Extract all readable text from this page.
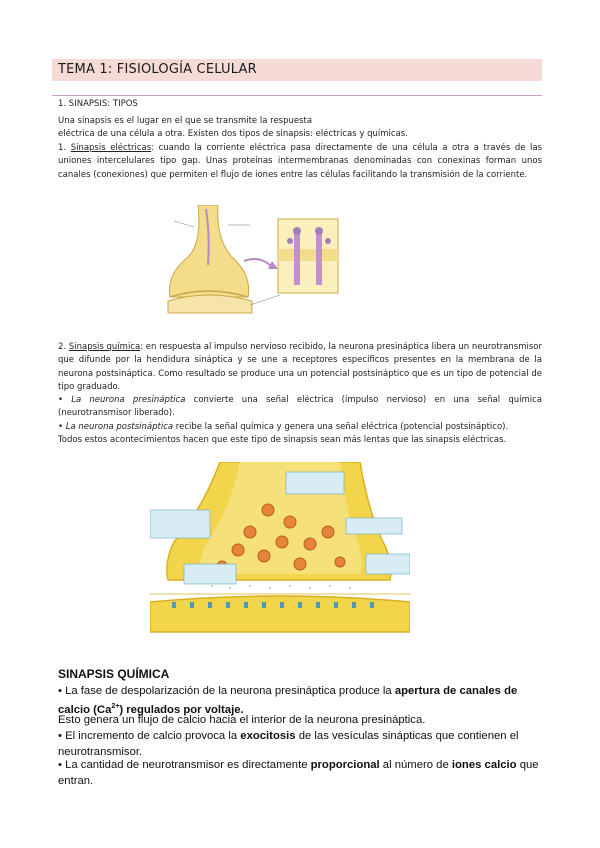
TEMA 1: FISIOLOGÍA CELULAR
1. SINAPSIS: TIPOS

Una sinapsis es el lugar en el que se transmite la respuesta
eléctrica de una célula a otra. Existen dos tipos de sinapsis: eléctricas y químicas.

1. Sinapsis eléctricas: cuando la corriente eléctrica pasa directamente de una célula a otra a través de las uniones intercelulares tipo gap. Unas proteínas intermembranas denominadas con conexinas forman unos canales (conexiones) que permiten el flujo de iones entre las células facilitando la transmisión de la corriente.

2. Sinapsis química: en respuesta al impulso nervioso recibido, la neurona presináptica libera un neurotransmisor que difunde por la hendidura sináptica y se une a receptores específicos presentes en la membrana de la neurona postsináptica. Como resultado se produce una un potencial postsináptico que es un tipo de potencial de tipo graduado.
• La neurona presináptica convierte una señal eléctrica (impulso nervioso) en una señal química (neurotransmisor liberado).
• La neurona postsináptica recibe la señal química y genera una señal eléctrica (potencial postsináptico).
Todos estos acontecimientos hacen que este tipo de sinapsis sean más lentas que las sinapsis eléctricas.

SINAPSIS QUÍMICA

• La fase de despolarización de la neurona presináptica produce la apertura de canales de calcio $(Ca^{2+})$ regulados por voltaje.

Esto genera un flujo de calcio hacia el interior de la neurona presináptica.

• El incremento de calcio provoca la exocitosis de las vesículas sinápticas que contienen el neurotransmisor.

• La cantidad de neurotransmisor es directamente proporcional al número de iones calcio que entran.
